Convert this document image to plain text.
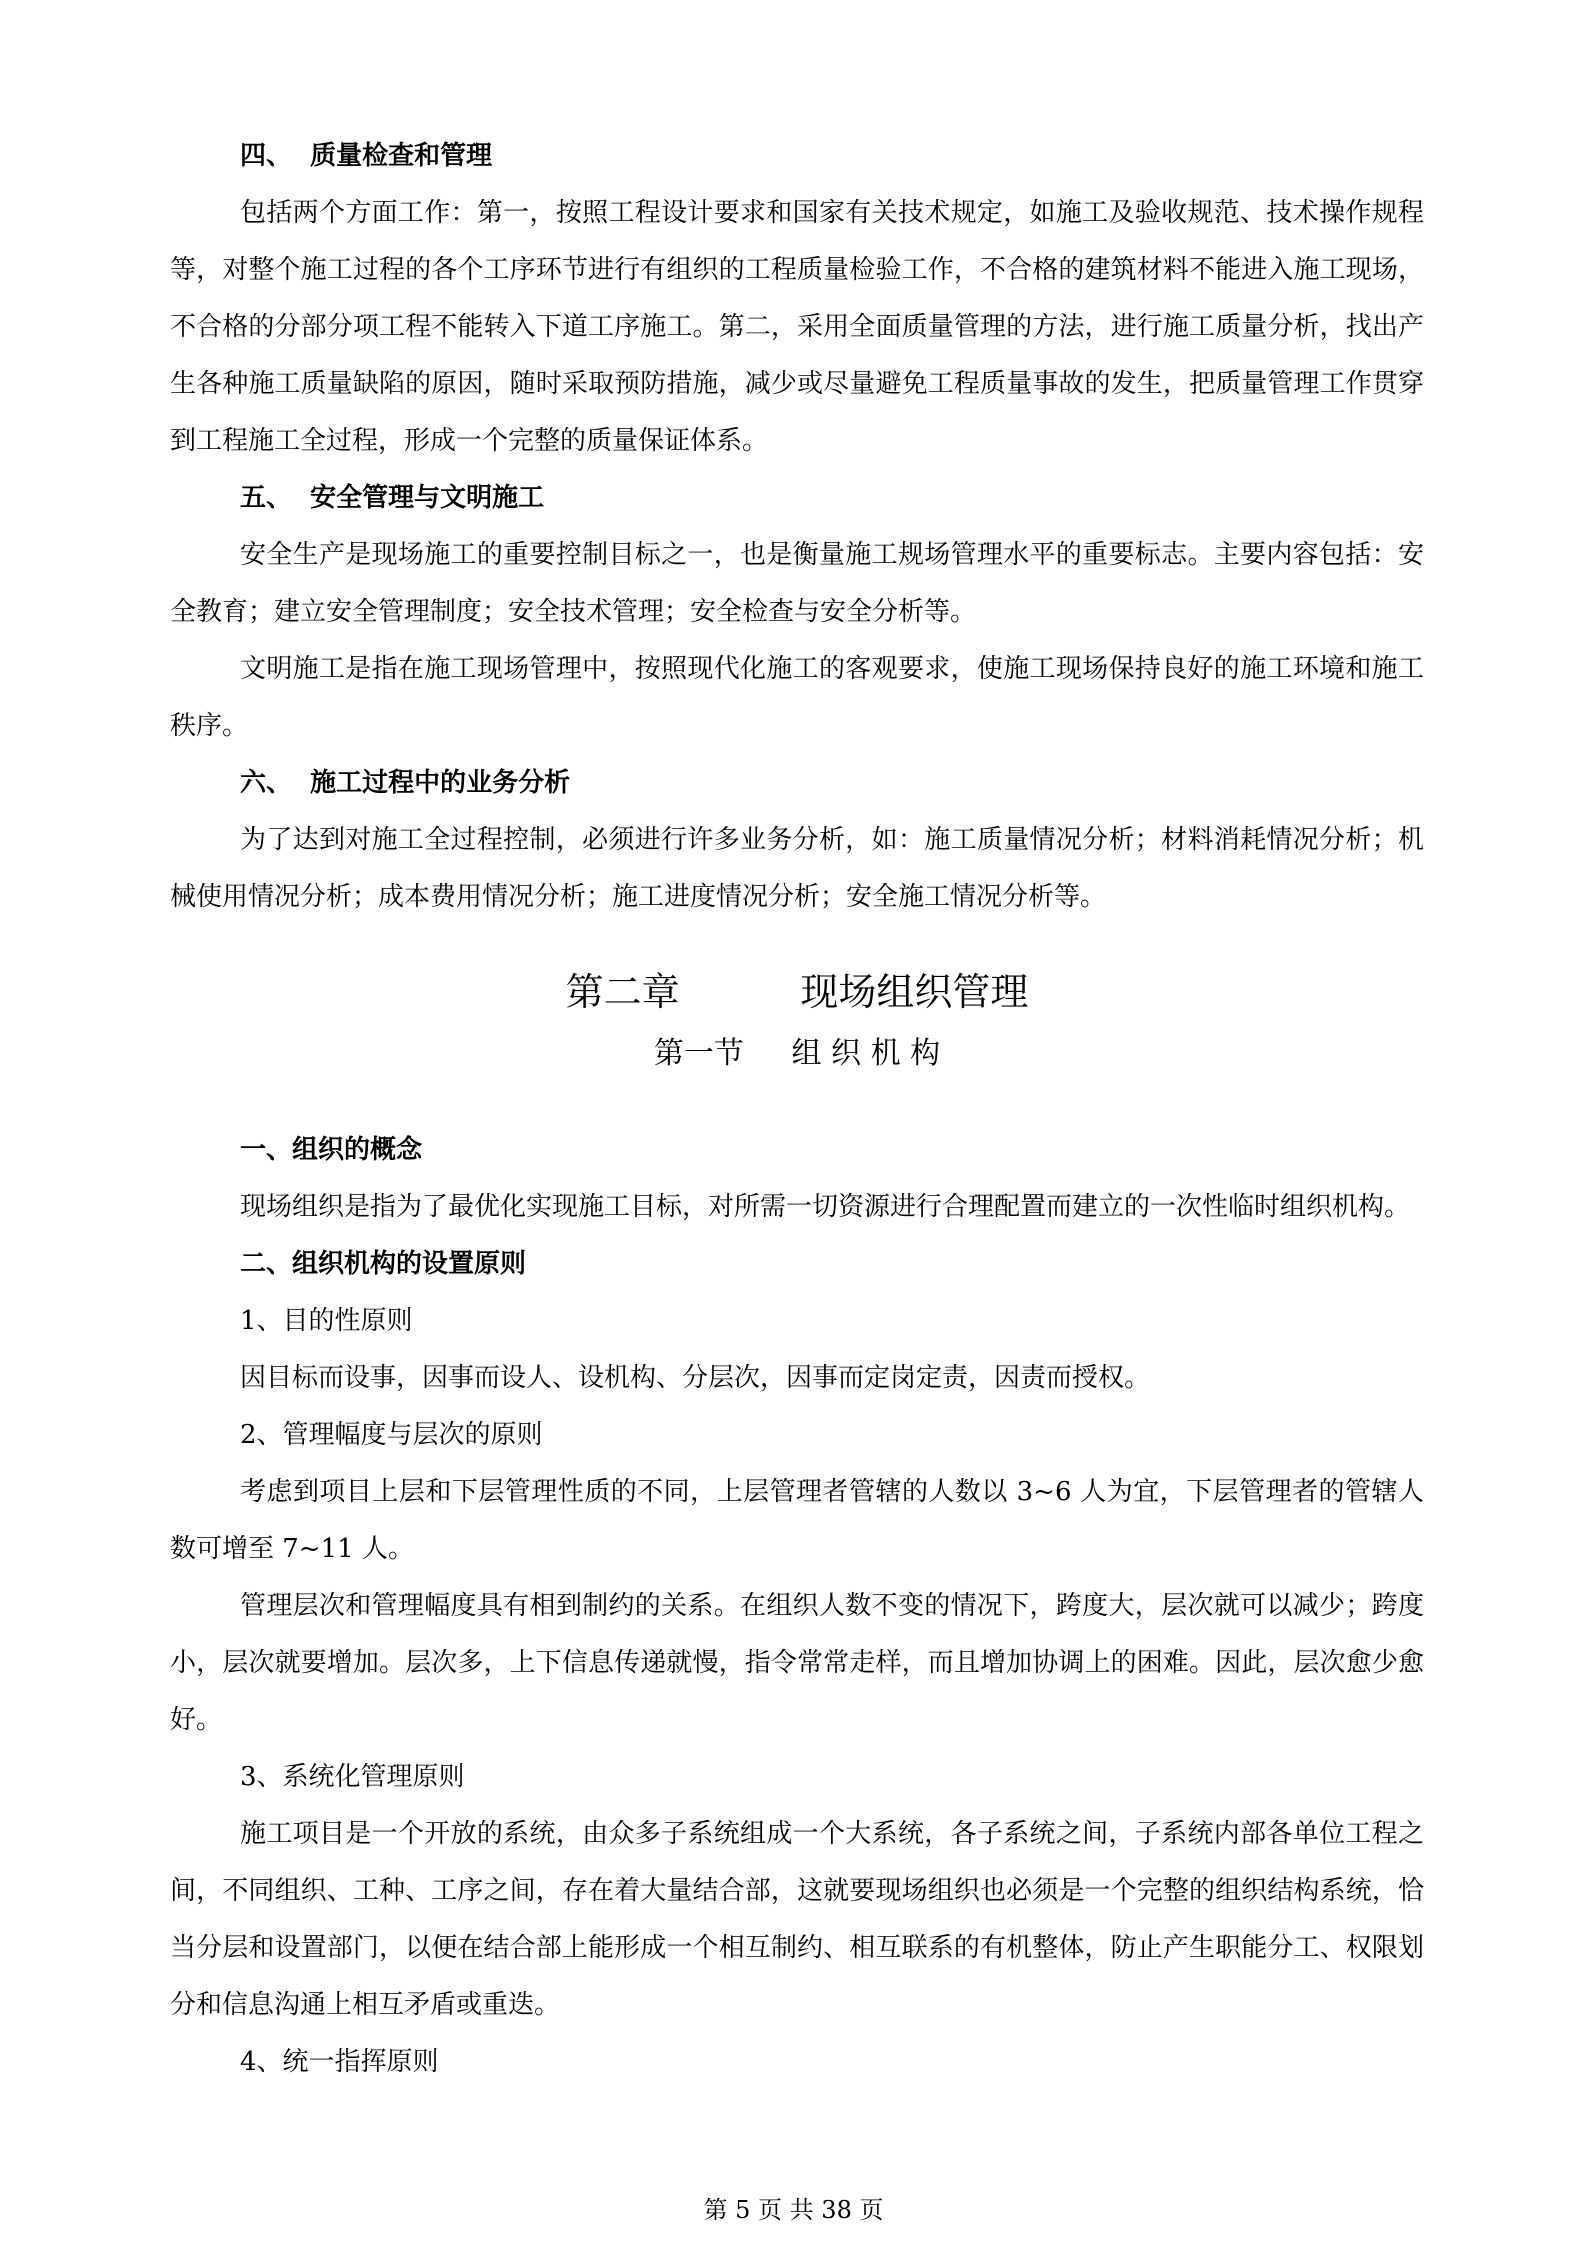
四、  质量检查和管理

包括两个方面工作：第一，按照工程设计要求和国家有关技术规定，如施工及验收规范、技术操作规程等，对整个施工过程的各个工序环节进行有组织的工程质量检验工作，不合格的建筑材料不能进入施工现场，不合格的分部分项工程不能转入下道工序施工。第二，采用全面质量管理的方法，进行施工质量分析，找出产生各种施工质量缺陷的原因，随时采取预防措施，减少或尽量避免工程质量事故的发生，把质量管理工作贯穿到工程施工全过程，形成一个完整的质量保证体系。

五、  安全管理与文明施工

安全生产是现场施工的重要控制目标之一，也是衡量施工规场管理水平的重要标志。主要内容包括：安全教育；建立安全管理制度；安全技术管理；安全检查与安全分析等。

文明施工是指在施工现场管理中，按照现代化施工的客观要求，使施工现场保持良好的施工环境和施工秩序。

六、  施工过程中的业务分析

为了达到对施工全过程控制，必须进行许多业务分析，如：施工质量情况分析；材料消耗情况分析；机械使用情况分析；成本费用情况分析；施工进度情况分析；安全施工情况分析等。

第二章          现场组织管理
第一节     组 织 机 构

一、组织的概念

现场组织是指为了最优化实现施工目标，对所需一切资源进行合理配置而建立的一次性临时组织机构。

二、组织机构的设置原则

1、目的性原则

因目标而设事，因事而设人、设机构、分层次，因事而定岗定责，因责而授权。

2、管理幅度与层次的原则

考虑到项目上层和下层管理性质的不同，上层管理者管辖的人数以 3~6 人为宜，下层管理者的管辖人数可增至 7~11 人。

管理层次和管理幅度具有相到制约的关系。在组织人数不变的情况下，跨度大，层次就可以减少；跨度小，层次就要增加。层次多，上下信息传递就慢，指令常常走样，而且增加协调上的困难。因此，层次愈少愈好。

3、系统化管理原则

施工项目是一个开放的系统，由众多子系统组成一个大系统，各子系统之间，子系统内部各单位工程之间，不同组织、工种、工序之间，存在着大量结合部，这就要现场组织也必须是一个完整的组织结构系统，恰当分层和设置部门，以便在结合部上能形成一个相互制约、相互联系的有机整体，防止产生职能分工、权限划分和信息沟通上相互矛盾或重迭。

4、统一指挥原则

第 5 页 共 38 页
